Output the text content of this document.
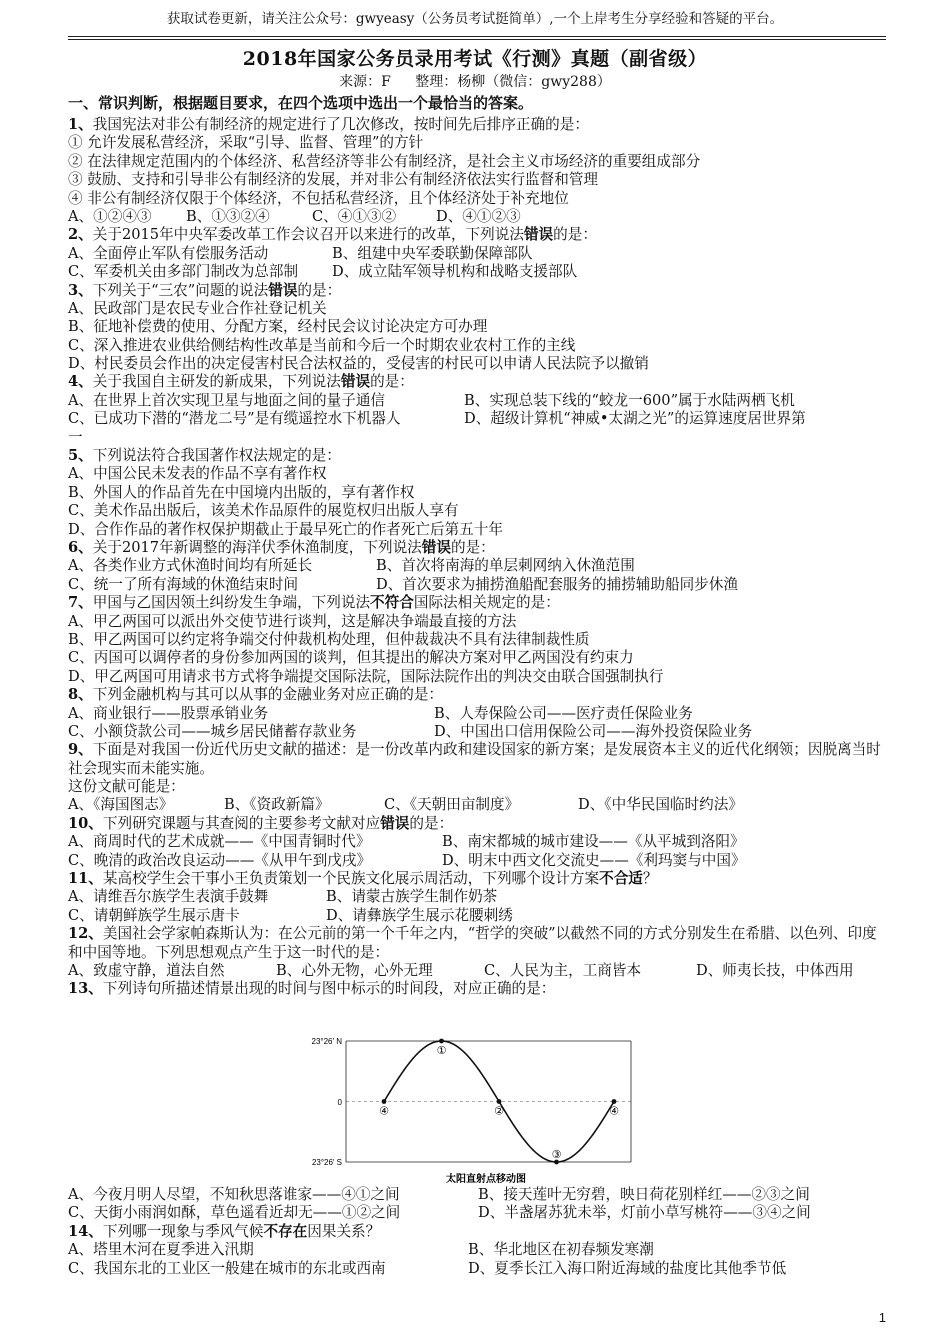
获取试卷更新，请关注公众号：gwyeasy（公务员考试挺简单）,一个上岸考生分享经验和答疑的平台。
2018年国家公务员录用考试《行测》真题（副省级）
来源：F 整理：杨柳（微信：gwy288）
一、常识判断，根据题目要求，在四个选项中选出一个最恰当的答案。
1、我国宪法对非公有制经济的规定进行了几次修改，按时间先后排序正确的是：
① 允许发展私营经济，采取“引导、监督、管理”的方针
② 在法律规定范围内的个体经济、私营经济等非公有制经济，是社会主义市场经济的重要组成部分
③ 鼓励、支持和引导非公有制经济的发展，并对非公有制经济依法实行监督和管理
④ 非公有制经济仅限于个体经济，不包括私营经济，且个体经济处于补充地位
A、①②④③ B、①③②④	C、④①③②	D、④①②③
2、关于2015年中央军委改革工作会议召开以来进行的改革，下列说法错误的是：
A、全面停止军队有偿服务活动	B、组建中央军委联勤保障部队
C、军委机关由多部门制改为总部制 D、成立陆军领导机构和战略支援部队
3、下列关于“三农”问题的说法错误的是：
A、民政部门是农民专业合作社登记机关
B、征地补偿费的使用、分配方案，经村民会议讨论决定方可办理
C、深入推进农业供给侧结构性改革是当前和今后一个时期农业农村工作的主线
D、村民委员会作出的决定侵害村民合法权益的，受侵害的村民可以申请人民法院予以撤销
4、关于我国自主研发的新成果，下列说法错误的是：
A、在世界上首次实现卫星与地面之间的量子通信	B、实现总装下线的“蛟龙一600”属于水陆两栖飞机
C、已成功下潜的“潜龙二号”是有缆遥控水下机器人	D、超级计算机“神威•太湖之光”的运算速度居世界第
一
5、下列说法符合我国著作权法规定的是：
A、中国公民未发表的作品不享有著作权
B、外国人的作品首先在中国境内出版的，享有著作权
C、美术作品出版后，该美术作品原件的展览权归出版人享有
D、合作作品的著作权保护期截止于最早死亡的作者死亡后第五十年
6、关于2017年新调整的海洋伏季休渔制度，下列说法错误的是：
A、各类作业方式休渔时间均有所延长	B、首次将南海的单层刺网纳入休渔范围
C、统一了所有海域的休渔结束时间	D、首次要求为捕捞渔船配套服务的捕捞辅助船同步休渔
7、甲国与乙国因领土纠纷发生争端，下列说法不符合国际法相关规定的是：
A、甲乙两国可以派出外交使节进行谈判，这是解决争端最直接的方法
B、甲乙两国可以约定将争端交付仲裁机构处理，但仲裁裁决不具有法律制裁性质
C、丙国可以调停者的身份参加两国的谈判，但其提出的解决方案对甲乙两国没有约束力
D、甲乙两国可用请求书方式将争端提交国际法院，国际法院作出的判决交由联合国强制执行
8、下列金融机构与其可以从事的金融业务对应正确的是：
A、商业银行——股票承销业务	B、人寿保险公司——医疗责任保险业务
C、小额贷款公司——城乡居民储蓄存款业务	D、中国出口信用保险公司——海外投资保险业务
9、下面是对我国一份近代历史文献的描述：是一份改革内政和建设国家的新方案；是发展资本主义的近代化纲领；因脱离当时社会现实而未能实施。
这份文献可能是：
A、《海国图志》	B、《资政新篇》	C、《天朝田亩制度》	D、《中华民国临时约法》
10、下列研究课题与其查阅的主要参考文献对应错误的是：
A、商周时代的艺术成就——《中国青铜时代》	B、南宋都城的城市建设——《从平城到洛阳》
C、晚清的政治改良运动——《从甲午到戊戌》	D、明末中西文化交流史——《利玛窦与中国》
11、某高校学生会干事小王负责策划一个民族文化展示周活动，下列哪个设计方案不合适？
A、请维吾尔族学生表演手鼓舞	B、请蒙古族学生制作奶茶
C、请朝鲜族学生展示唐卡	D、请彝族学生展示花腰刺绣
12、美国社会学家帕森斯认为：在公元前的第一个千年之内，“哲学的突破”以截然不同的方式分别发生在希腊、以色列、印度和中国等地。下列思想观点产生于这一时代的是：
A、致虚守静，道法自然	B、心外无物，心外无理	C、人民为主，工商皆本	D、师夷长技，中体西用
13、下列诗句所描述情景出现的时间与图中标示的时间段，对应正确的是：
23°26′ N
0
23°26′ S
④
①
②
③
④
太阳直射点移动图
A、今夜月明人尽望，不知秋思落谁家——④①之间	B、接天莲叶无穷碧，映日荷花别样红——②③之间
C、天街小雨润如酥，草色遥看近却无——①②之间	D、半盏屠苏犹未举，灯前小草写桃符——③④之间
14、下列哪一现象与季风气候不存在因果关系？
A、塔里木河在夏季进入汛期	B、华北地区在初春频发寒潮
C、我国东北的工业区一般建在城市的东北或西南	D、夏季长江入海口附近海域的盐度比其他季节低
1
